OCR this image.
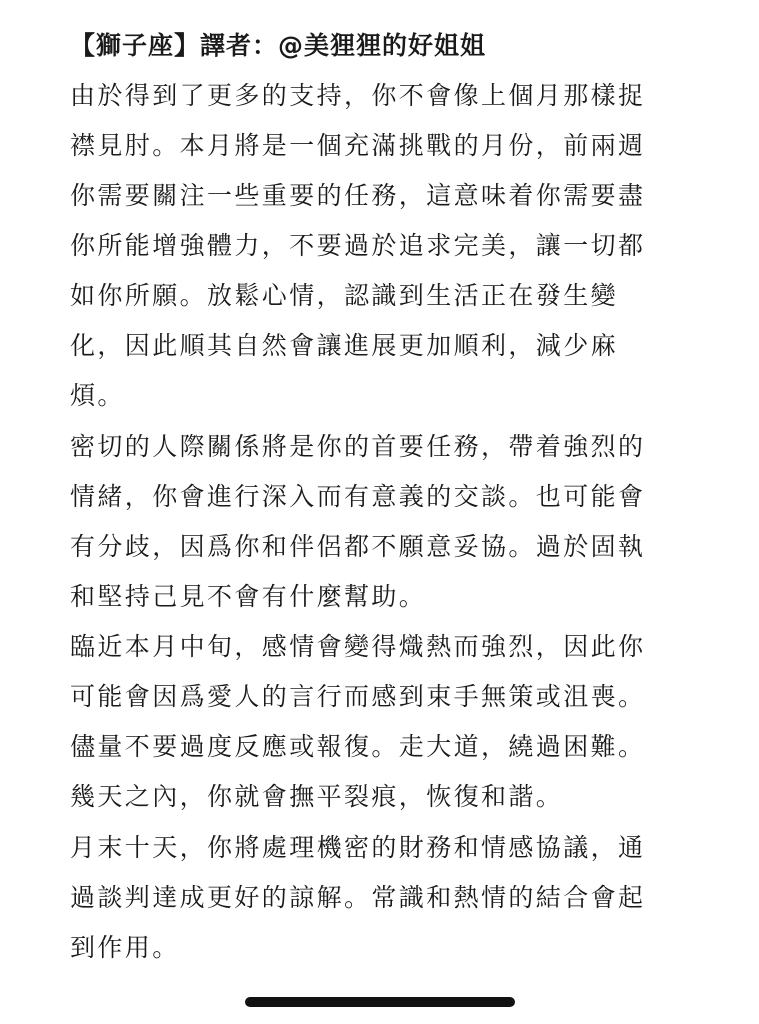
【獅子座】譯者：@美狸狸的好姐姐
由於得到了更多的支持，你不會像上個月那樣捉
襟見肘。本月將是一個充滿挑戰的月份，前兩週
你需要關注一些重要的任務，這意味着你需要盡
你所能增強體力，不要過於追求完美，讓一切都
如你所願。放鬆心情，認識到生活正在發生變
化，因此順其自然會讓進展更加順利，減少麻
煩。
密切的人際關係將是你的首要任務，帶着強烈的
情緒，你會進行深入而有意義的交談。也可能會
有分歧，因爲你和伴侶都不願意妥協。過於固執
和堅持己見不會有什麼幫助。
臨近本月中旬，感情會變得熾熱而強烈，因此你
可能會因爲愛人的言行而感到束手無策或沮喪。
儘量不要過度反應或報復。走大道，繞過困難。
幾天之內，你就會撫平裂痕，恢復和諧。
月末十天，你將處理機密的財務和情感協議，通
過談判達成更好的諒解。常識和熱情的結合會起
到作用。
